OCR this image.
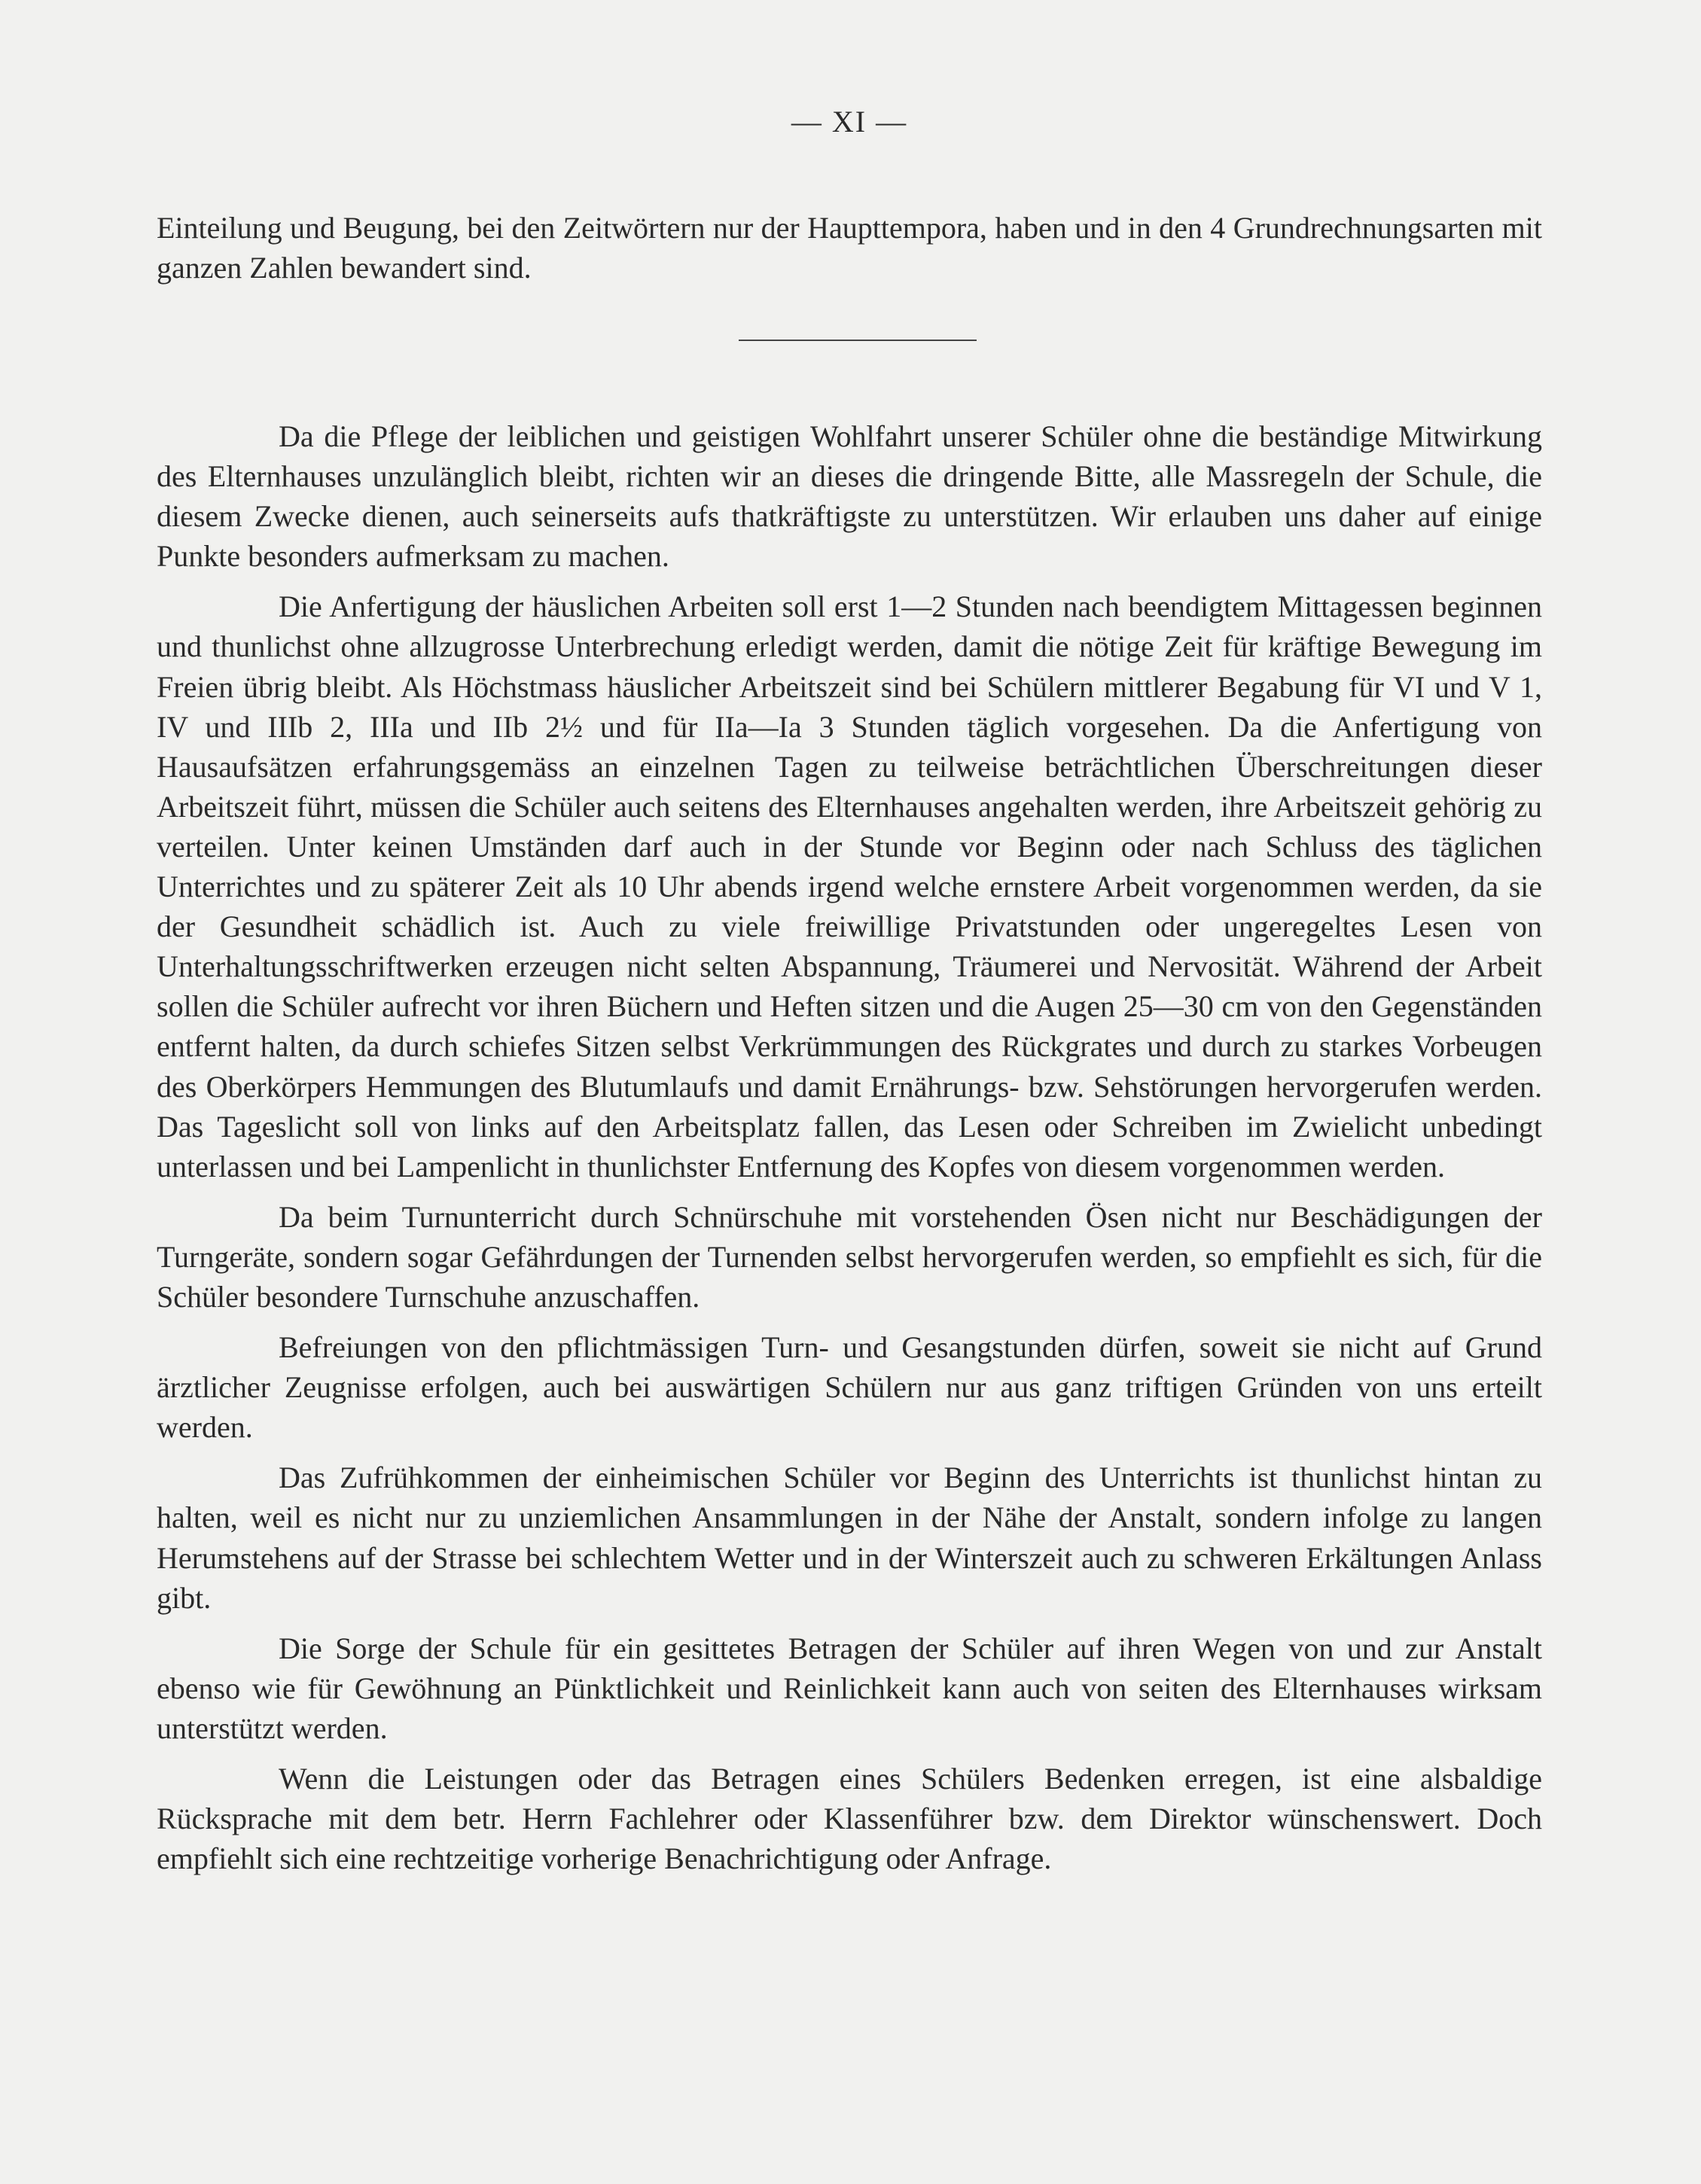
— XI —

Einteilung und Beugung, bei den Zeitwörtern nur der Haupttempora, haben und in den 4 Grundrechnungsarten mit ganzen Zahlen bewandert sind.

Da die Pflege der leiblichen und geistigen Wohlfahrt unserer Schüler ohne die beständige Mitwirkung des Elternhauses unzulänglich bleibt, richten wir an dieses die dringende Bitte, alle Massregeln der Schule, die diesem Zwecke dienen, auch seinerseits aufs thatkräftigste zu unterstützen. Wir erlauben uns daher auf einige Punkte besonders aufmerksam zu machen.

Die Anfertigung der häuslichen Arbeiten soll erst 1—2 Stunden nach beendigtem Mittagessen beginnen und thunlichst ohne allzugrosse Unterbrechung erledigt werden, damit die nötige Zeit für kräftige Bewegung im Freien übrig bleibt. Als Höchstmass häuslicher Arbeitszeit sind bei Schülern mittlerer Begabung für VI und V 1, IV und IIIb 2, IIIa und IIb 2½ und für IIa—Ia 3 Stunden täglich vorgesehen. Da die Anfertigung von Hausaufsätzen erfahrungsgemäss an einzelnen Tagen zu teilweise beträchtlichen Überschreitungen dieser Arbeitszeit führt, müssen die Schüler auch seitens des Elternhauses angehalten werden, ihre Arbeitszeit gehörig zu verteilen. Unter keinen Umständen darf auch in der Stunde vor Beginn oder nach Schluss des täglichen Unterrichtes und zu späterer Zeit als 10 Uhr abends irgend welche ernstere Arbeit vorgenommen werden, da sie der Gesundheit schädlich ist. Auch zu viele freiwillige Privatstunden oder ungeregeltes Lesen von Unterhaltungsschriftwerken erzeugen nicht selten Abspannung, Träumerei und Nervosität. Während der Arbeit sollen die Schüler aufrecht vor ihren Büchern und Heften sitzen und die Augen 25—30 cm von den Gegenständen entfernt halten, da durch schiefes Sitzen selbst Verkrümmungen des Rückgrates und durch zu starkes Vorbeugen des Oberkörpers Hemmungen des Blutumlaufs und damit Ernährungs- bzw. Sehstörungen hervorgerufen werden. Das Tageslicht soll von links auf den Arbeitsplatz fallen, das Lesen oder Schreiben im Zwielicht unbedingt unterlassen und bei Lampenlicht in thunlichster Entfernung des Kopfes von diesem vorgenommen werden.

Da beim Turnunterricht durch Schnürschuhe mit vorstehenden Ösen nicht nur Beschädigungen der Turngeräte, sondern sogar Gefährdungen der Turnenden selbst hervorgerufen werden, so empfiehlt es sich, für die Schüler besondere Turnschuhe anzuschaffen.

Befreiungen von den pflichtmässigen Turn- und Gesangstunden dürfen, soweit sie nicht auf Grund ärztlicher Zeugnisse erfolgen, auch bei auswärtigen Schülern nur aus ganz triftigen Gründen von uns erteilt werden.

Das Zufrühkommen der einheimischen Schüler vor Beginn des Unterrichts ist thunlichst hintan zu halten, weil es nicht nur zu unziemlichen Ansammlungen in der Nähe der Anstalt, sondern infolge zu langen Herumstehens auf der Strasse bei schlechtem Wetter und in der Winterszeit auch zu schweren Erkältungen Anlass gibt.

Die Sorge der Schule für ein gesittetes Betragen der Schüler auf ihren Wegen von und zur Anstalt ebenso wie für Gewöhnung an Pünktlichkeit und Reinlichkeit kann auch von seiten des Elternhauses wirksam unterstützt werden.

Wenn die Leistungen oder das Betragen eines Schülers Bedenken erregen, ist eine alsbaldige Rücksprache mit dem betr. Herrn Fachlehrer oder Klassenführer bzw. dem Direktor wünschenswert. Doch empfiehlt sich eine rechtzeitige vorherige Benachrichtigung oder Anfrage.
